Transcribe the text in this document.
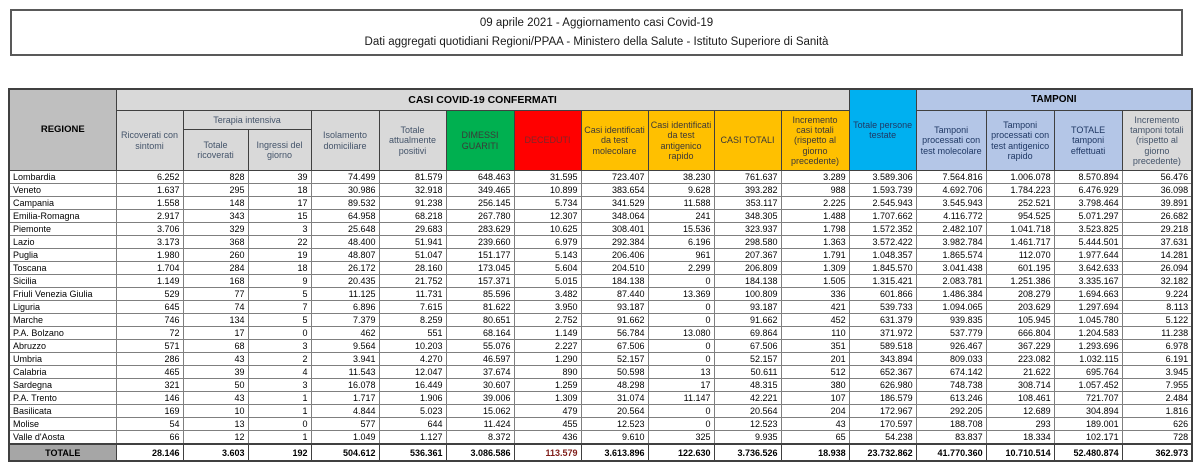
09 aprile 2021 - Aggiornamento casi Covid-19
Dati aggregati quotidiani Regioni/PPAA - Ministero della Salute - Istituto Superiore di Sanità
REGIONE	CASI COVID-19 CONFERMATI											Totale persone testate	TAMPONI			
	Ricoverati con sintomi	Terapia intensiva		Isolamento domiciliare	Totale attualmente positivi	DIMESSI GUARITI	DECEDUTI	Casi identificati da test molecolare	Casi identificati da test antigenico rapido	CASI TOTALI	Incremento casi totali (rispetto al giorno precedente)		Tamponi processati con test molecolare	Tamponi processati con test antigenico rapido	TOTALE tamponi effettuati	Incremento tamponi totali (rispetto al giorno precedente)
		Totale ricoverati	Ingressi del giorno													
Lombardia	6.252	828	39	74.499	81.579	648.463	31.595	723.407	38.230	761.637	3.289	3.589.306	7.564.816	1.006.078	8.570.894	56.476
Veneto	1.637	295	18	30.986	32.918	349.465	10.899	383.654	9.628	393.282	988	1.593.739	4.692.706	1.784.223	6.476.929	36.098
Campania	1.558	148	17	89.532	91.238	256.145	5.734	341.529	11.588	353.117	2.225	2.545.943	3.545.943	252.521	3.798.464	39.891
Emilia-Romagna	2.917	343	15	64.958	68.218	267.780	12.307	348.064	241	348.305	1.488	1.707.662	4.116.772	954.525	5.071.297	26.682
Piemonte	3.706	329	3	25.648	29.683	283.629	10.625	308.401	15.536	323.937	1.798	1.572.352	2.482.107	1.041.718	3.523.825	29.218
Lazio	3.173	368	22	48.400	51.941	239.660	6.979	292.384	6.196	298.580	1.363	3.572.422	3.982.784	1.461.717	5.444.501	37.631
Puglia	1.980	260	19	48.807	51.047	151.177	5.143	206.406	961	207.367	1.791	1.048.357	1.865.574	112.070	1.977.644	14.281
Toscana	1.704	284	18	26.172	28.160	173.045	5.604	204.510	2.299	206.809	1.309	1.845.570	3.041.438	601.195	3.642.633	26.094
Sicilia	1.149	168	9	20.435	21.752	157.371	5.015	184.138	0	184.138	1.505	1.315.421	2.083.781	1.251.386	3.335.167	32.182
Friuli Venezia Giulia	529	77	5	11.125	11.731	85.596	3.482	87.440	13.369	100.809	336	601.866	1.486.384	208.279	1.694.663	9.224
Liguria	645	74	7	6.896	7.615	81.622	3.950	93.187	0	93.187	421	539.733	1.094.065	203.629	1.297.694	8.113
Marche	746	134	5	7.379	8.259	80.651	2.752	91.662	0	91.662	452	631.379	939.835	105.945	1.045.780	5.122
P.A. Bolzano	72	17	0	462	551	68.164	1.149	56.784	13.080	69.864	110	371.972	537.779	666.804	1.204.583	11.238
Abruzzo	571	68	3	9.564	10.203	55.076	2.227	67.506	0	67.506	351	589.518	926.467	367.229	1.293.696	6.978
Umbria	286	43	2	3.941	4.270	46.597	1.290	52.157	0	52.157	201	343.894	809.033	223.082	1.032.115	6.191
Calabria	465	39	4	11.543	12.047	37.674	890	50.598	13	50.611	512	652.367	674.142	21.622	695.764	3.945
Sardegna	321	50	3	16.078	16.449	30.607	1.259	48.298	17	48.315	380	626.980	748.738	308.714	1.057.452	7.955
P.A. Trento	146	43	1	1.717	1.906	39.006	1.309	31.074	11.147	42.221	107	186.579	613.246	108.461	721.707	2.484
Basilicata	169	10	1	4.844	5.023	15.062	479	20.564	0	20.564	204	172.967	292.205	12.689	304.894	1.816
Molise	54	13	0	577	644	11.424	455	12.523	0	12.523	43	170.597	188.708	293	189.001	626
Valle d'Aosta	66	12	1	1.049	1.127	8.372	436	9.610	325	9.935	65	54.238	83.837	18.334	102.171	728
TOTALE	28.146	3.603	192	504.612	536.361	3.086.586	113.579	3.613.896	122.630	3.736.526	18.938	23.732.862	41.770.360	10.710.514	52.480.874	362.973
